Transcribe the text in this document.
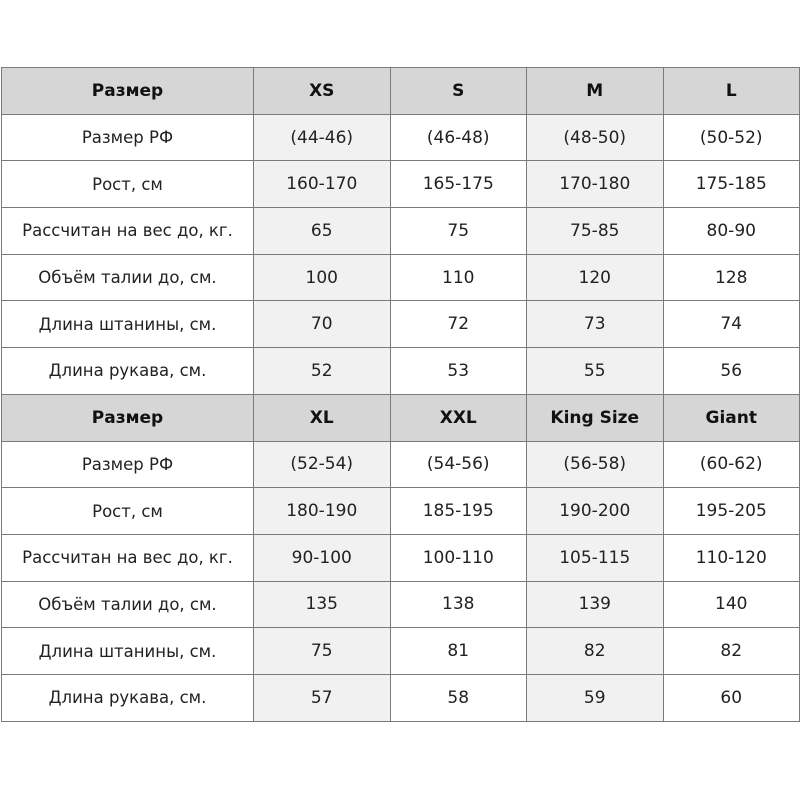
Размер	XS	S	M	L
Размер РФ	(44-46)	(46-48)	(48-50)	(50-52)
Рост, см	160-170	165-175	170-180	175-185
Рассчитан на вес до, кг.	65	75	75-85	80-90
Объём талии до, см.	100	110	120	128
Длина штанины, см.	70	72	73	74
Длина рукава, см.	52	53	55	56
Размер	XL	XXL	King Size	Giant
Размер РФ	(52-54)	(54-56)	(56-58)	(60-62)
Рост, см	180-190	185-195	190-200	195-205
Рассчитан на вес до, кг.	90-100	100-110	105-115	110-120
Объём талии до, см.	135	138	139	140
Длина штанины, см.	75	81	82	82
Длина рукава, см.	57	58	59	60
